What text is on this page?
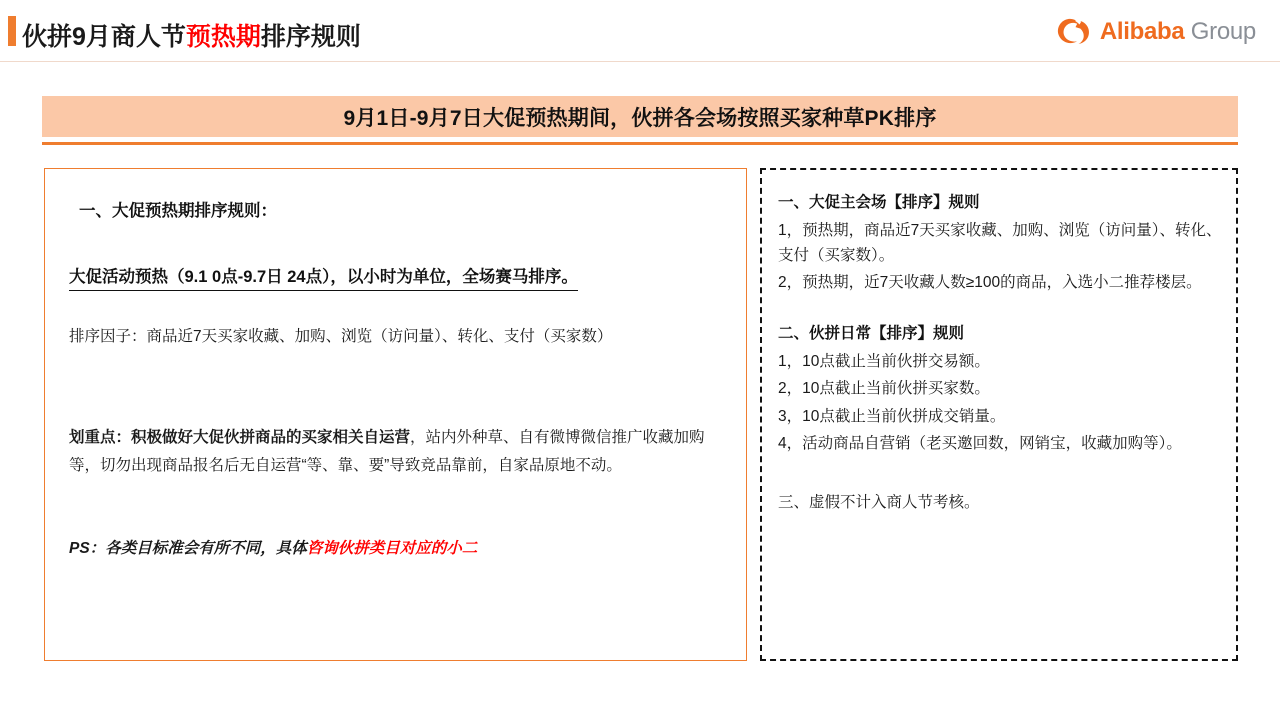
伙拼9月商人节预热期排序规则	Alibaba Group
9月1日-9月7日大促预热期间，伙拼各会场按照买家种草PK排序
一、大促预热期排序规则：
大促活动预热（9.1 0点-9.7日 24点），以小时为单位，全场赛马排序。
排序因子：商品近7天买家收藏、加购、浏览（访问量）、转化、支付（买家数）
划重点：积极做好大促伙拼商品的买家相关自运营，站内外种草、自有微博微信推广收藏加购等，切勿出现商品报名后无自运营“等、靠、要”导致竞品靠前，自家品原地不动。
PS：各类目标准会有所不同，具体咨询伙拼类目对应的小二
一、大促主会场【排序】规则
1，预热期，商品近7天买家收藏、加购、浏览（访问量）、转化、支付（买家数）。
2，预热期，近7天收藏人数≥100的商品，入选小二推荐楼层。
二、伙拼日常【排序】规则
1，10点截止当前伙拼交易额。
2，10点截止当前伙拼买家数。
3，10点截止当前伙拼成交销量。
4，活动商品自营销（老买邀回数，网销宝，收藏加购等）。
三、虚假不计入商人节考核。
